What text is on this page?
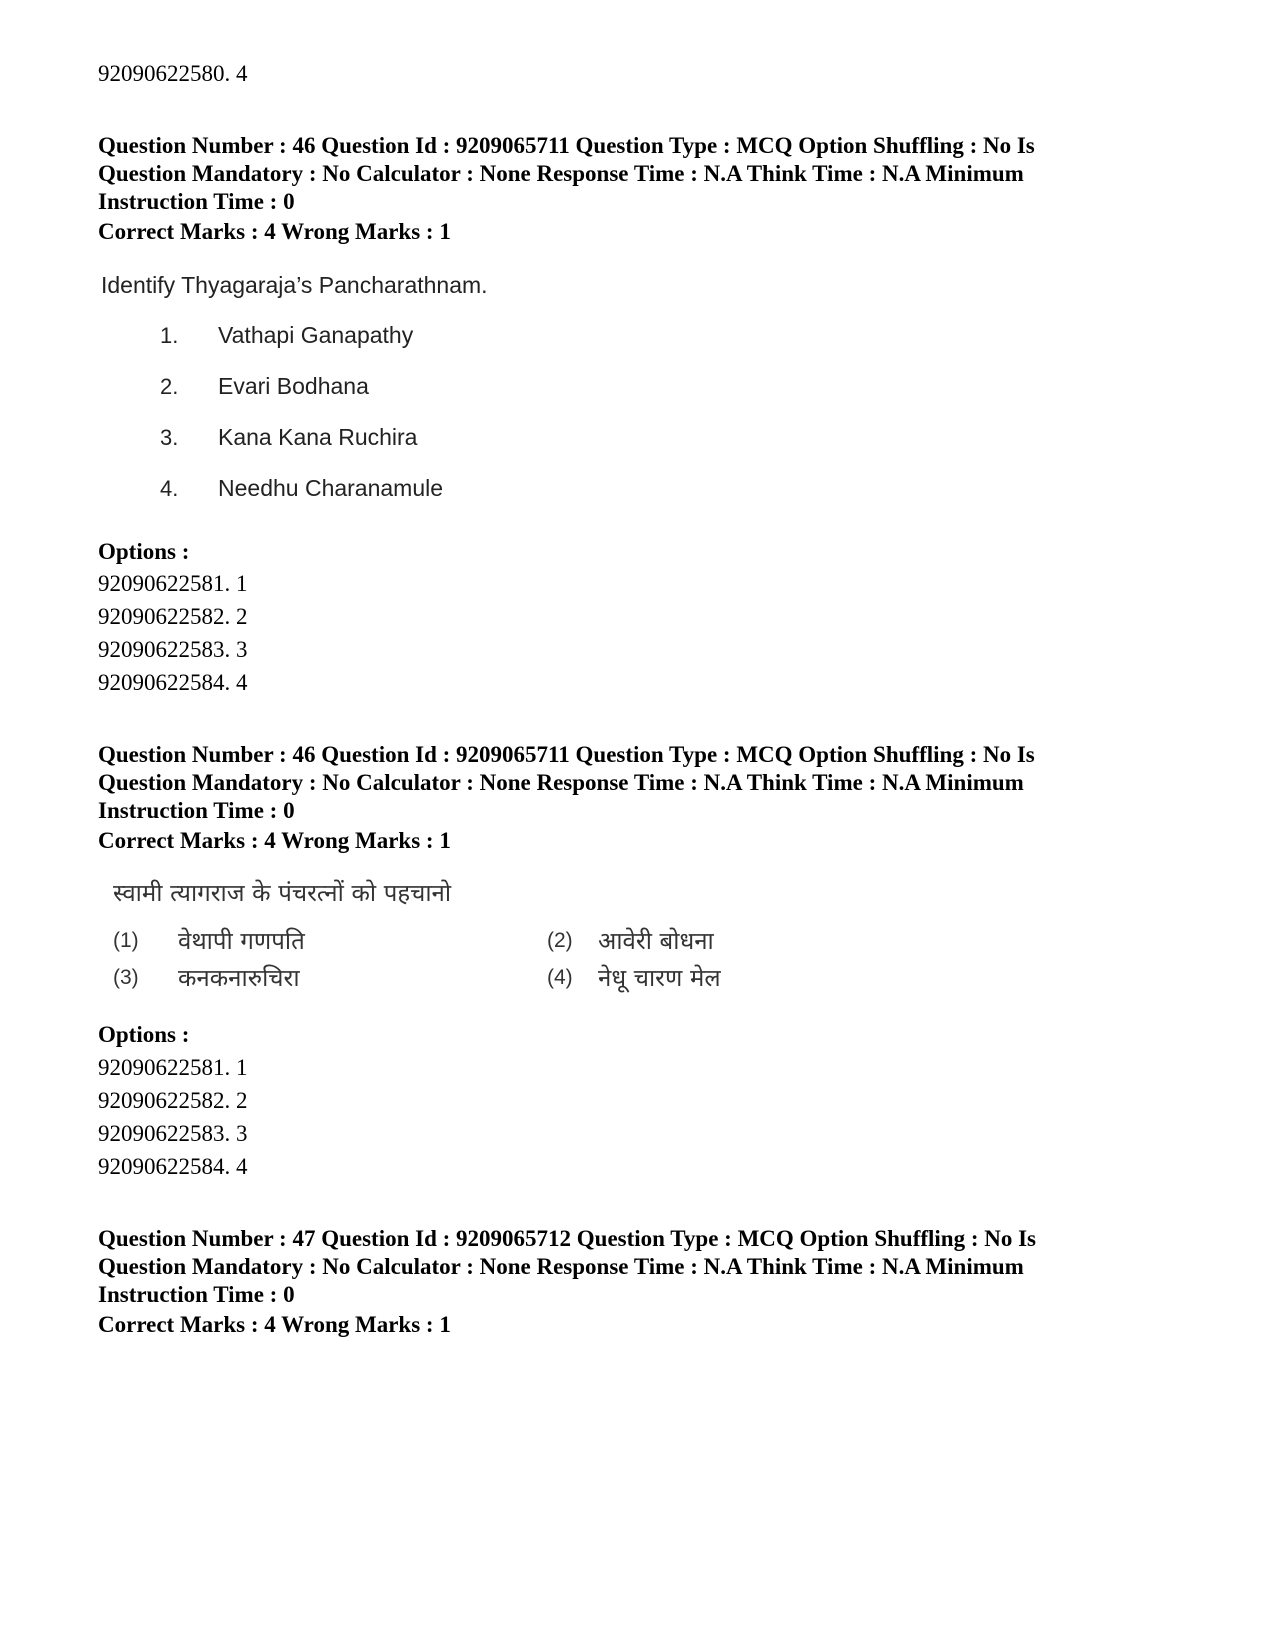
92090622580. 4
Question Number : 46 Question Id : 9209065711 Question Type : MCQ Option Shuffling : No Is
Question Mandatory : No Calculator : None Response Time : N.A Think Time : N.A Minimum
Instruction Time : 0
Correct Marks : 4 Wrong Marks : 1
Identify Thyagaraja’s Pancharathnam.
1. Vathapi Ganapathy
2. Evari Bodhana
3. Kana Kana Ruchira
4. Needhu Charanamule
Options :
92090622581. 1
92090622582. 2
92090622583. 3
92090622584. 4
Question Number : 46 Question Id : 9209065711 Question Type : MCQ Option Shuffling : No Is
Question Mandatory : No Calculator : None Response Time : N.A Think Time : N.A Minimum
Instruction Time : 0
Correct Marks : 4 Wrong Marks : 1
स्वामी त्यागराज के पंचरत्नों को पहचानो
(1) वेथापी गणपति	(2) आवेरी बोधना
(3) कनकनारुचिरा	(4) नेधू चारण मेल
Options :
92090622581. 1
92090622582. 2
92090622583. 3
92090622584. 4
Question Number : 47 Question Id : 9209065712 Question Type : MCQ Option Shuffling : No Is
Question Mandatory : No Calculator : None Response Time : N.A Think Time : N.A Minimum
Instruction Time : 0
Correct Marks : 4 Wrong Marks : 1
